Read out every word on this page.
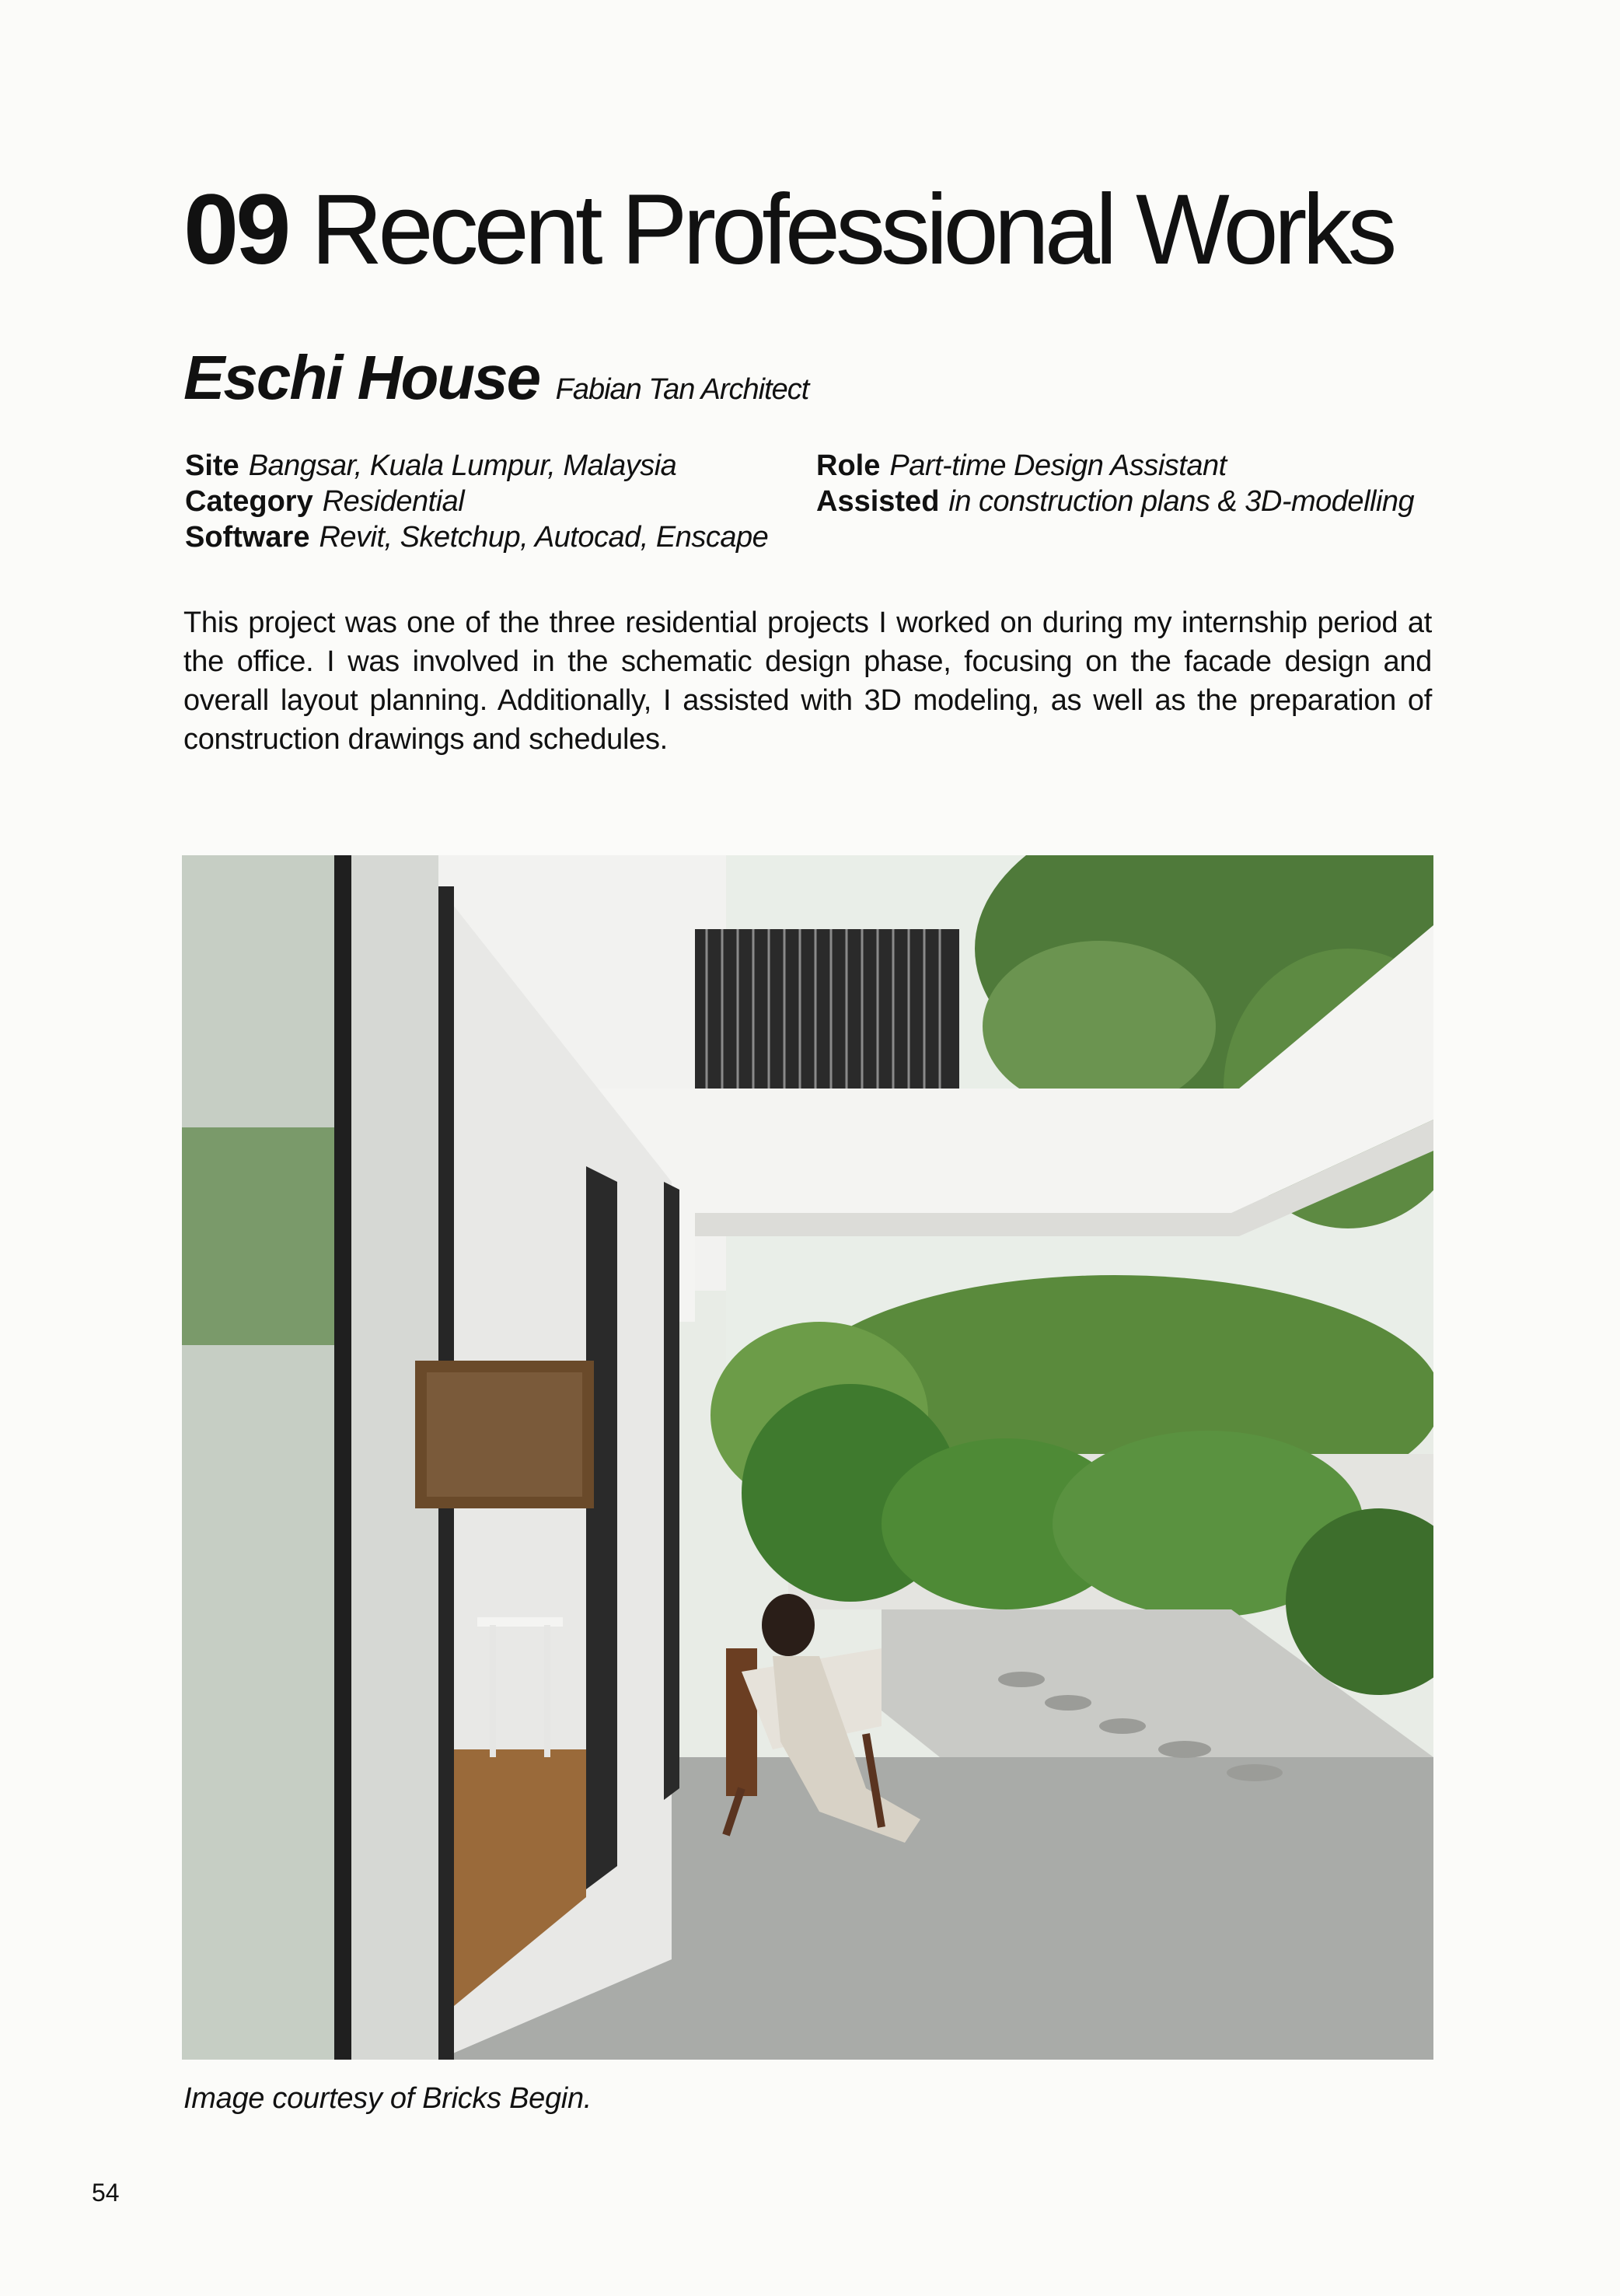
09 Recent Professional Works
Eschi House Fabian Tan Architect
Site Bangsar, Kuala Lumpur, Malaysia
Category Residential
Software Revit, Sketchup, Autocad, Enscape
Role Part-time Design Assistant
Assisted in construction plans & 3D-modelling

This project was one of the three residential projects I worked on during my internship period at the office. I was involved in the schematic design phase, focusing on the facade design and overall layout planning. Additionally, I assisted with 3D modeling, as well as the preparation of construction drawings and schedules.

Image courtesy of Bricks Begin.
54
